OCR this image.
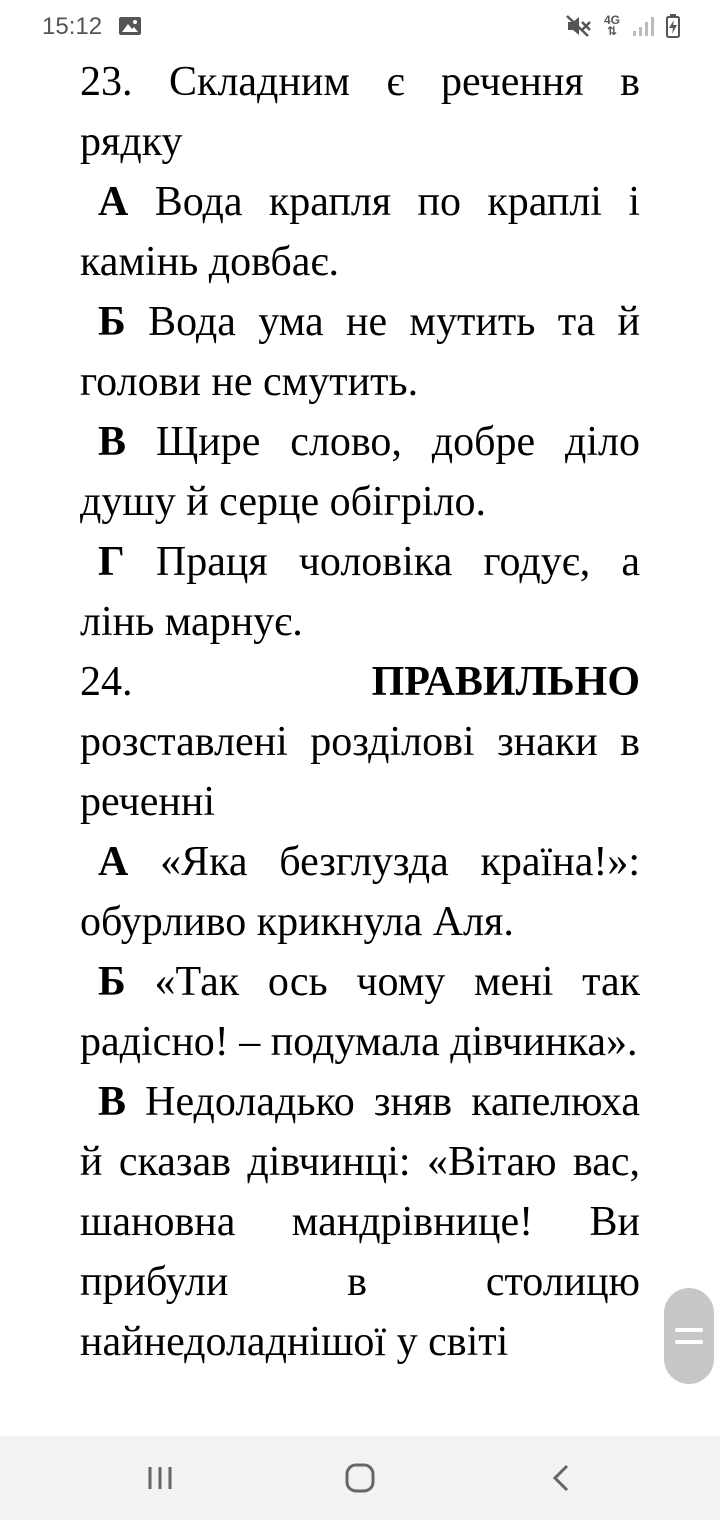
15:12	4G
⇅

23. Складним є речення в рядку

А Вода крапля по краплі і камінь довбає.

Б Вода ума не мутить та й голови не смутить.

В Щире слово, добре діло душу й серце обігріло.

Г Праця чоловіка годує, а лінь марнує.

24.	ПРАВИЛЬНО
розставлені розділові знаки в реченні

А «Яка безглузда країна!»: обурливо крикнула Аля.

Б «Так ось чому мені так радісно! – подумала дівчинка».

В Недоладько зняв капелюха й сказав дівчинці: «Вітаю вас, шановна мандрівнице! Ви прибули в столицю найнедоладнішої у світі
